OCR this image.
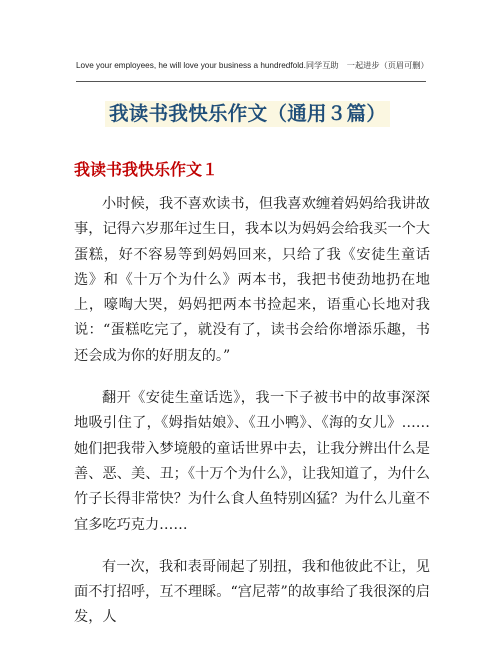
Love your employees, he will love your business a hundredfold.同学互助　一起进步（页眉可删）
我读书我快乐作文（通用３篇）
我读书我快乐作文１

小时候，我不喜欢读书，但我喜欢缠着妈妈给我讲故事，记得六岁那年过生日，我本以为妈妈会给我买一个大蛋糕，好不容易等到妈妈回来，只给了我《安徒生童话选》和《十万个为什么》两本书，我把书使劲地扔在地上，嚎啕大哭，妈妈把两本书捡起来，语重心长地对我说：“蛋糕吃完了，就没有了，读书会给你增添乐趣，书还会成为你的好朋友的。”

翻开《安徒生童话选》，我一下子被书中的故事深深地吸引住了，《姆指姑娘》、《丑小鸭》、《海的女儿》……她们把我带入梦境般的童话世界中去，让我分辨出什么是善、恶、美、丑；《十万个为什么》，让我知道了，为什么竹子长得非常快？为什么食人鱼特别凶猛？为什么儿童不宜多吃巧克力……

有一次，我和表哥闹起了别扭，我和他彼此不让，见面不打招呼，互不理睬。“宫尼蒂”的故事给了我很深的启发，人
